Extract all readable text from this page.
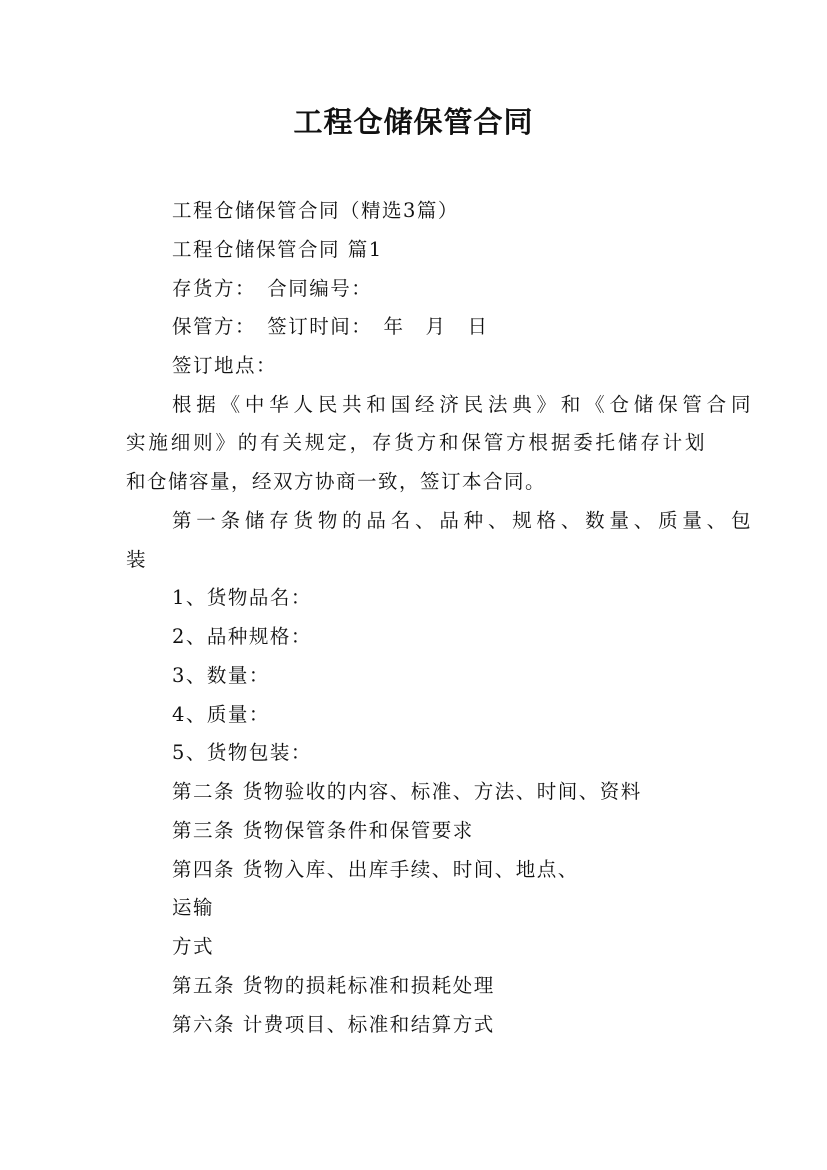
工程仓储保管合同
工程仓储保管合同（精选3篇）
工程仓储保管合同 篇1
存货方：　合同编号：
保管方：　签订时间：　年　月　日
签订地点：
根据《中华人民共和国经济民法典》和《仓储保管合同
实施细则》的有关规定，存货方和保管方根据委托储存计划
和仓储容量，经双方协商一致，签订本合同。
第一条储存货物的品名、品种、规格、数量、质量、包
装
1、货物品名：
2、品种规格：
3、数量：
4、质量：
5、货物包装：
第二条 货物验收的内容、标准、方法、时间、资料
第三条 货物保管条件和保管要求
第四条 货物入库、出库手续、时间、地点、
运输
方式
第五条 货物的损耗标准和损耗处理
第六条 计费项目、标准和结算方式
